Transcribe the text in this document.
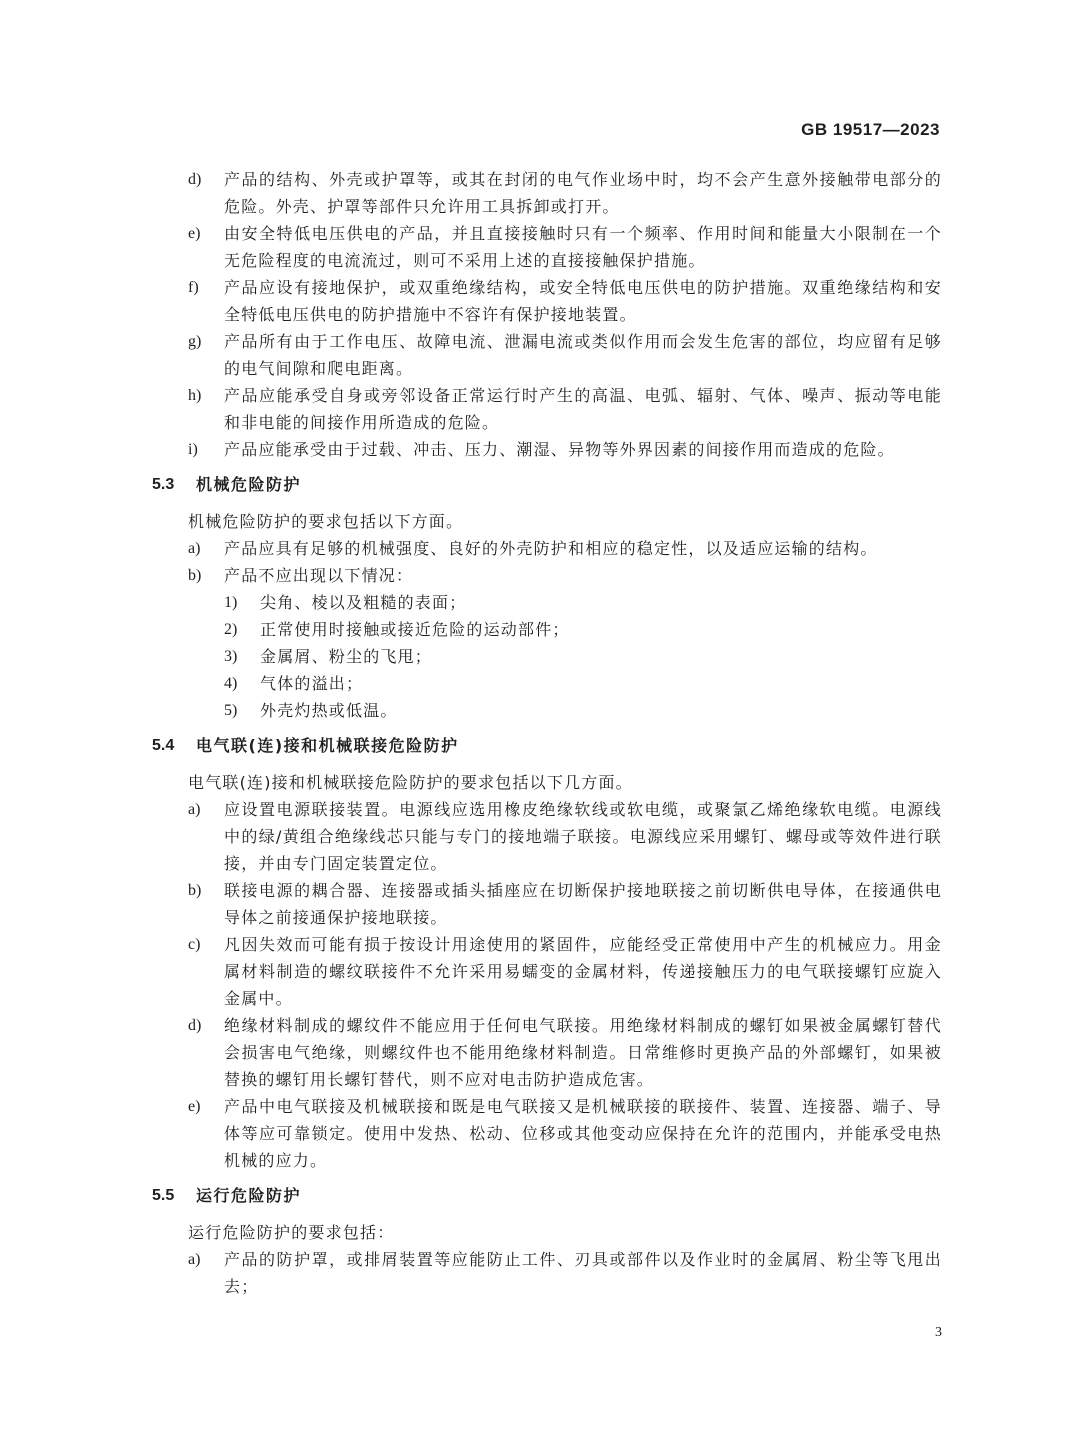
GB 19517—2023
d)	产品的结构、外壳或护罩等，或其在封闭的电气作业场中时，均不会产生意外接触带电部分的危险。外壳、护罩等部件只允许用工具拆卸或打开。
e)	由安全特低电压供电的产品，并且直接接触时只有一个频率、作用时间和能量大小限制在一个无危险程度的电流流过，则可不采用上述的直接接触保护措施。
f)	产品应设有接地保护，或双重绝缘结构，或安全特低电压供电的防护措施。双重绝缘结构和安全特低电压供电的防护措施中不容许有保护接地装置。
g)	产品所有由于工作电压、故障电流、泄漏电流或类似作用而会发生危害的部位，均应留有足够的电气间隙和爬电距离。
h)	产品应能承受自身或旁邻设备正常运行时产生的高温、电弧、辐射、气体、噪声、振动等电能和非电能的间接作用所造成的危险。
i)	产品应能承受由于过载、冲击、压力、潮湿、异物等外界因素的间接作用而造成的危险。
5.3	机械危险防护
机械危险防护的要求包括以下方面。
a)	产品应具有足够的机械强度、良好的外壳防护和相应的稳定性，以及适应运输的结构。
b)	产品不应出现以下情况：
1)	尖角、棱以及粗糙的表面；
2)	正常使用时接触或接近危险的运动部件；
3)	金属屑、粉尘的飞甩；
4)	气体的溢出；
5)	外壳灼热或低温。
5.4	电气联(连)接和机械联接危险防护
电气联(连)接和机械联接危险防护的要求包括以下几方面。
a)	应设置电源联接装置。电源线应选用橡皮绝缘软线或软电缆，或聚氯乙烯绝缘软电缆。电源线中的绿/黄组合绝缘线芯只能与专门的接地端子联接。电源线应采用螺钉、螺母或等效件进行联接，并由专门固定装置定位。
b)	联接电源的耦合器、连接器或插头插座应在切断保护接地联接之前切断供电导体，在接通供电导体之前接通保护接地联接。
c)	凡因失效而可能有损于按设计用途使用的紧固件，应能经受正常使用中产生的机械应力。用金属材料制造的螺纹联接件不允许采用易蠕变的金属材料，传递接触压力的电气联接螺钉应旋入金属中。
d)	绝缘材料制成的螺纹件不能应用于任何电气联接。用绝缘材料制成的螺钉如果被金属螺钉替代会损害电气绝缘，则螺纹件也不能用绝缘材料制造。日常维修时更换产品的外部螺钉，如果被替换的螺钉用长螺钉替代，则不应对电击防护造成危害。
e)	产品中电气联接及机械联接和既是电气联接又是机械联接的联接件、装置、连接器、端子、导体等应可靠锁定。使用中发热、松动、位移或其他变动应保持在允许的范围内，并能承受电热机械的应力。
5.5	运行危险防护
运行危险防护的要求包括：
a)	产品的防护罩，或排屑装置等应能防止工件、刃具或部件以及作业时的金属屑、粉尘等飞甩出去；
3
